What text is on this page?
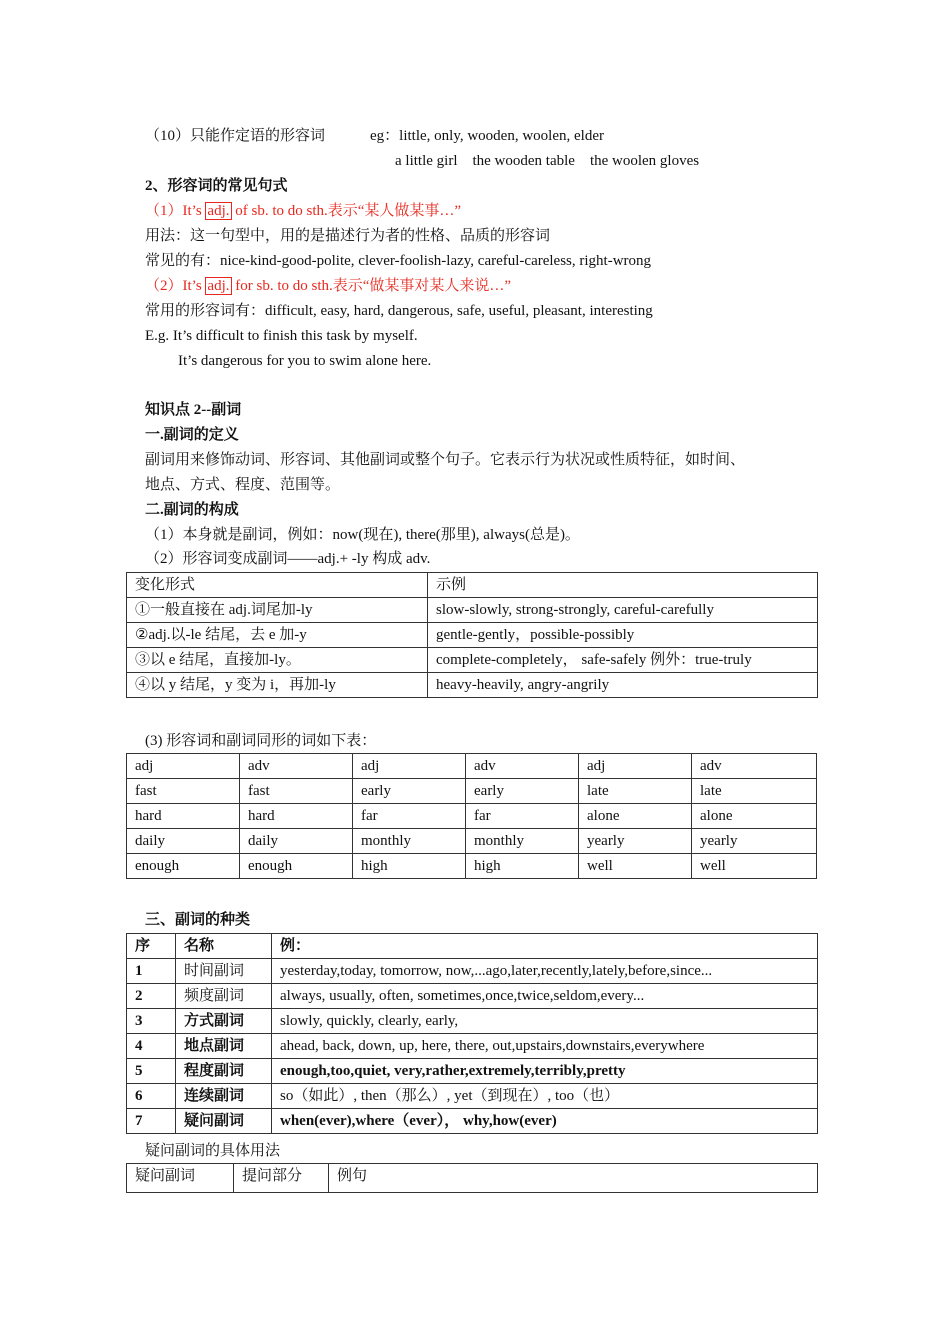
（10）只能作定语的形容词	eg：little, only, wooden, woolen, elder
a little girl    the wooden table    the woolen gloves
2、形容词的常见句式
（1）It’s adj. of sb. to do sth.表示“某人做某事…”
用法：这一句型中，用的是描述行为者的性格、品质的形容词
常见的有：nice-kind-good-polite, clever-foolish-lazy, careful-careless, right-wrong
（2）It’s adj. for sb. to do sth.表示“做某事对某人来说…”
常用的形容词有：difficult, easy, hard, dangerous, safe, useful, pleasant, interesting
E.g. It’s difficult to finish this task by myself.
It’s dangerous for you to swim alone here.
知识点 2--副词
一.副词的定义
副词用来修饰动词、形容词、其他副词或整个句子。它表示行为状况或性质特征，如时间、
地点、方式、程度、范围等。
二.副词的构成
（1）本身就是副词，例如：now(现在), there(那里), always(总是)。
（2）形容词变成副词——adj.+ -ly 构成 adv.
变化形式	示例
①一般直接在 adj.词尾加-ly	slow-slowly, strong-strongly, careful-carefully
②adj.以-le 结尾，去 e 加-y	gentle-gently，possible-possibly
③以 e 结尾，直接加-ly。	complete-completely， safe-safely 例外：true-truly
④以 y 结尾，y 变为 i，再加-ly	heavy-heavily, angry-angrily
(3) 形容词和副词同形的词如下表：
adj	adv	adj	adv	adj	adv
fast	fast	early	early	late	late
hard	hard	far	far	alone	alone
daily	daily	monthly	monthly	yearly	yearly
enough	enough	high	high	well	well
三、副词的种类
序	名称	例：
1	时间副词	yesterday,today, tomorrow, now,...ago,later,recently,lately,before,since...
2	频度副词	always, usually, often, sometimes,once,twice,seldom,every...
3	方式副词	slowly, quickly, clearly, early,
4	地点副词	ahead, back, down, up, here, there, out,upstairs,downstairs,everywhere
5	程度副词	enough,too,quiet, very,rather,extremely,terribly,pretty
6	连续副词	so（如此）, then（那么）, yet（到现在）, too（也）
7	疑问副词	when(ever),where（ever）， why,how(ever)
疑问副词的具体用法
疑问副词	提问部分	例句
